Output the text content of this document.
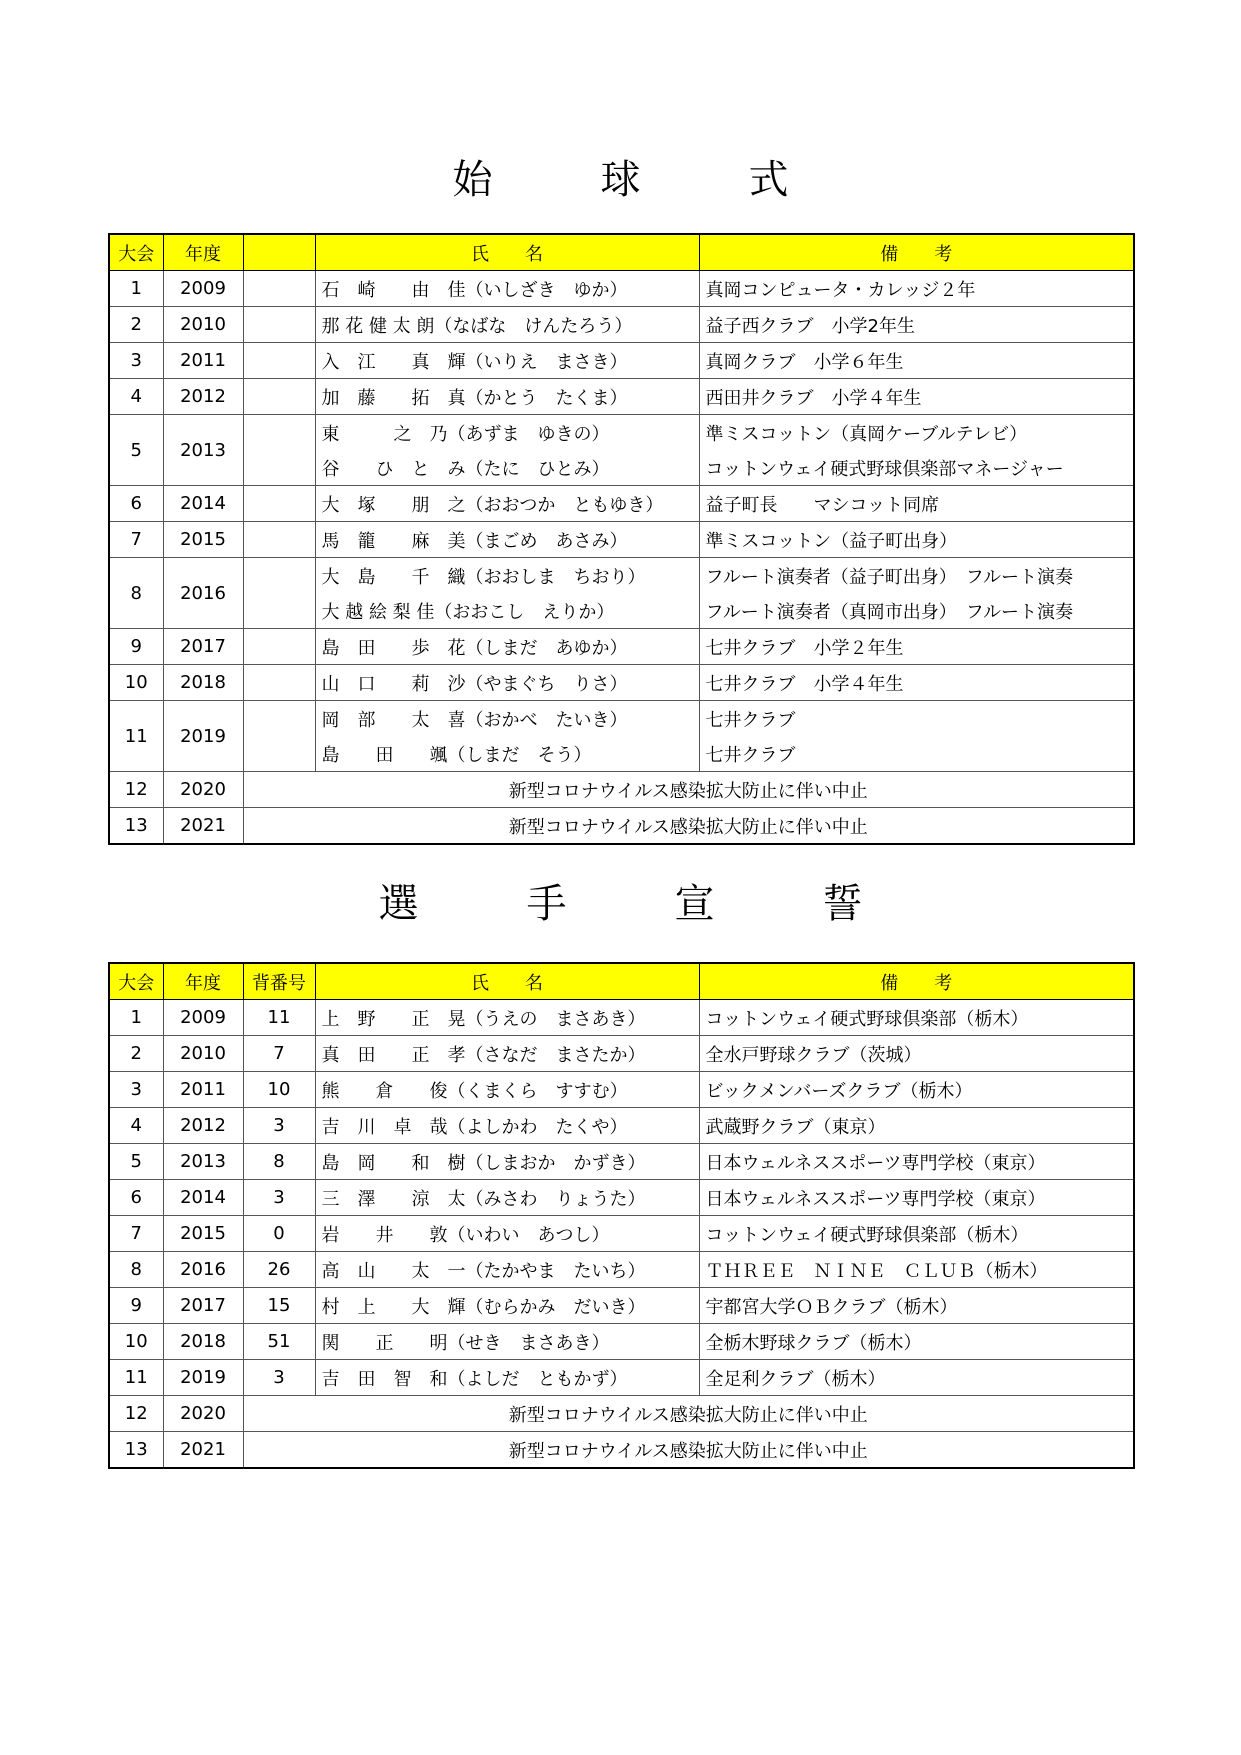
始　球　式
大会	年度		氏　　名	備　　考
1	2009		石　崎　　由　佳（いしざき　ゆか）	真岡コンピュータ・カレッジ２年
2	2010		那 花 健 太 朗（なばな　けんたろう）	益子西クラブ　小学2年生
3	2011		入　江　　真　輝（いりえ　まさき）	真岡クラブ　小学６年生
4	2012		加　藤　　拓　真（かとう　たくま）	西田井クラブ　小学４年生
5	2013		東　　　之　乃（あずま　ゆきの）	準ミスコットン（真岡ケーブルテレビ）
			谷　　ひ　と　み（たに　ひとみ）	コットンウェイ硬式野球倶楽部マネージャー
6	2014		大　塚　　朋　之（おおつか　ともゆき）	益子町長　　マシコット同席
7	2015		馬　籠　　麻　美（まごめ　あさみ）	準ミスコットン（益子町出身）
8	2016		大　島　　千　織（おおしま　ちおり）	フルート演奏者（益子町出身）　フルート演奏
			大 越 絵 梨 佳（おおこし　えりか）	フルート演奏者（真岡市出身）　フルート演奏
9	2017		島　田　　歩　花（しまだ　あゆか）	七井クラブ　小学２年生
10	2018		山　口　　莉　沙（やまぐち　りさ）	七井クラブ　小学４年生
11	2019		岡　部　　太　喜（おかべ　たいき）	七井クラブ
			島　　田　　颯（しまだ　そう）	七井クラブ
12	2020	新型コロナウイルス感染拡大防止に伴い中止		
13	2021	新型コロナウイルス感染拡大防止に伴い中止		
選　手　宣　誓
大会	年度	背番号	氏　　名	備　　考
1	2009	11	上　野　　正　晃（うえの　まさあき）	コットンウェイ硬式野球倶楽部（栃木）
2	2010	7	真　田　　正　孝（さなだ　まさたか）	全水戸野球クラブ（茨城）
3	2011	10	熊　　倉　　俊（くまくら　すすむ）	ビックメンバーズクラブ（栃木）
4	2012	3	吉　川　卓　哉（よしかわ　たくや）	武蔵野クラブ（東京）
5	2013	8	島　岡　　和　樹（しまおか　かずき）	日本ウェルネススポーツ専門学校（東京）
6	2014	3	三　澤　　涼　太（みさわ　りょうた）	日本ウェルネススポーツ専門学校（東京）
7	2015	0	岩　　井　　敦（いわい　あつし）	コットンウェイ硬式野球倶楽部（栃木）
8	2016	26	高　山　　太　一（たかやま　たいち）	ＴＨＲＥＥ　ＮＩＮＥ　ＣＬＵＢ（栃木）
9	2017	15	村　上　　大　輝（むらかみ　だいき）	宇都宮大学ＯＢクラブ（栃木）
10	2018	51	関　　正　　明（せき　まさあき）	全栃木野球クラブ（栃木）
11	2019	3	吉　田　智　和（よしだ　ともかず）	全足利クラブ（栃木）
12	2020	新型コロナウイルス感染拡大防止に伴い中止		
13	2021	新型コロナウイルス感染拡大防止に伴い中止		
